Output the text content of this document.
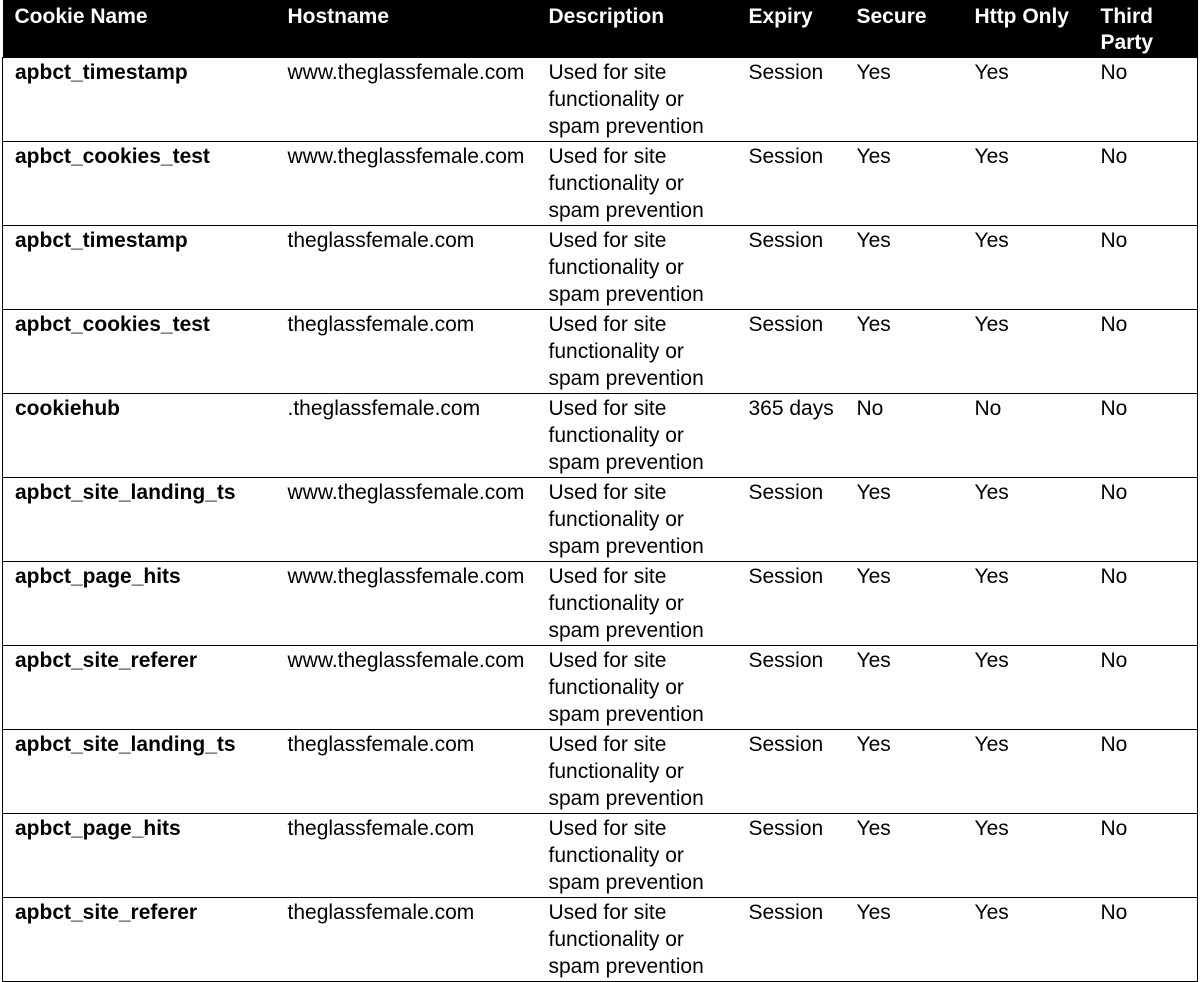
Cookie Name	Hostname	Description	Expiry	Secure	Http Only	Third Party
apbct_timestamp	www.theglassfemale.com	Used for site functionality or spam prevention	Session	Yes	Yes	No
apbct_cookies_test	www.theglassfemale.com	Used for site functionality or spam prevention	Session	Yes	Yes	No
apbct_timestamp	theglassfemale.com	Used for site functionality or spam prevention	Session	Yes	Yes	No
apbct_cookies_test	theglassfemale.com	Used for site functionality or spam prevention	Session	Yes	Yes	No
cookiehub	.theglassfemale.com	Used for site functionality or spam prevention	365 days	No	No	No
apbct_site_landing_ts	www.theglassfemale.com	Used for site functionality or spam prevention	Session	Yes	Yes	No
apbct_page_hits	www.theglassfemale.com	Used for site functionality or spam prevention	Session	Yes	Yes	No
apbct_site_referer	www.theglassfemale.com	Used for site functionality or spam prevention	Session	Yes	Yes	No
apbct_site_landing_ts	theglassfemale.com	Used for site functionality or spam prevention	Session	Yes	Yes	No
apbct_page_hits	theglassfemale.com	Used for site functionality or spam prevention	Session	Yes	Yes	No
apbct_site_referer	theglassfemale.com	Used for site functionality or spam prevention	Session	Yes	Yes	No
